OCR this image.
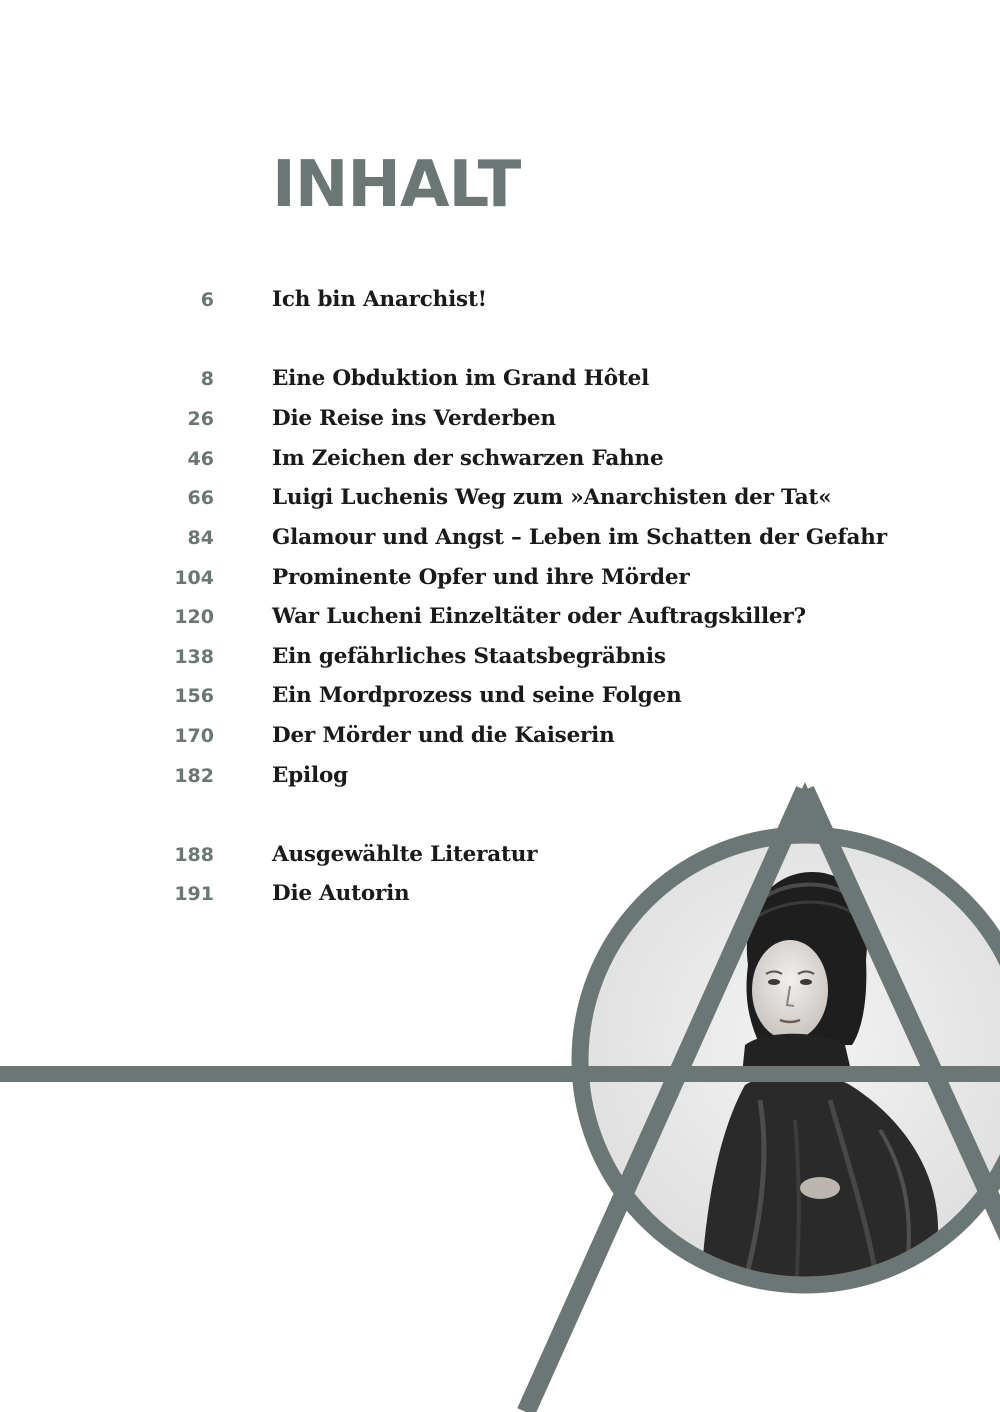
INHALT
6	Ich bin Anarchist!
8	Eine Obduktion im Grand Hôtel
26	Die Reise ins Verderben
46	Im Zeichen der schwarzen Fahne
66	Luigi Luchenis Weg zum »Anarchisten der Tat«
84	Glamour und Angst – Leben im Schatten der Gefahr
104	Prominente Opfer und ihre Mörder
120	War Lucheni Einzeltäter oder Auftragskiller?
138	Ein gefährliches Staatsbegräbnis
156	Ein Mordprozess und seine Folgen
170	Der Mörder und die Kaiserin
182	Epilog
188	Ausgewählte Literatur
191	Die Autorin
